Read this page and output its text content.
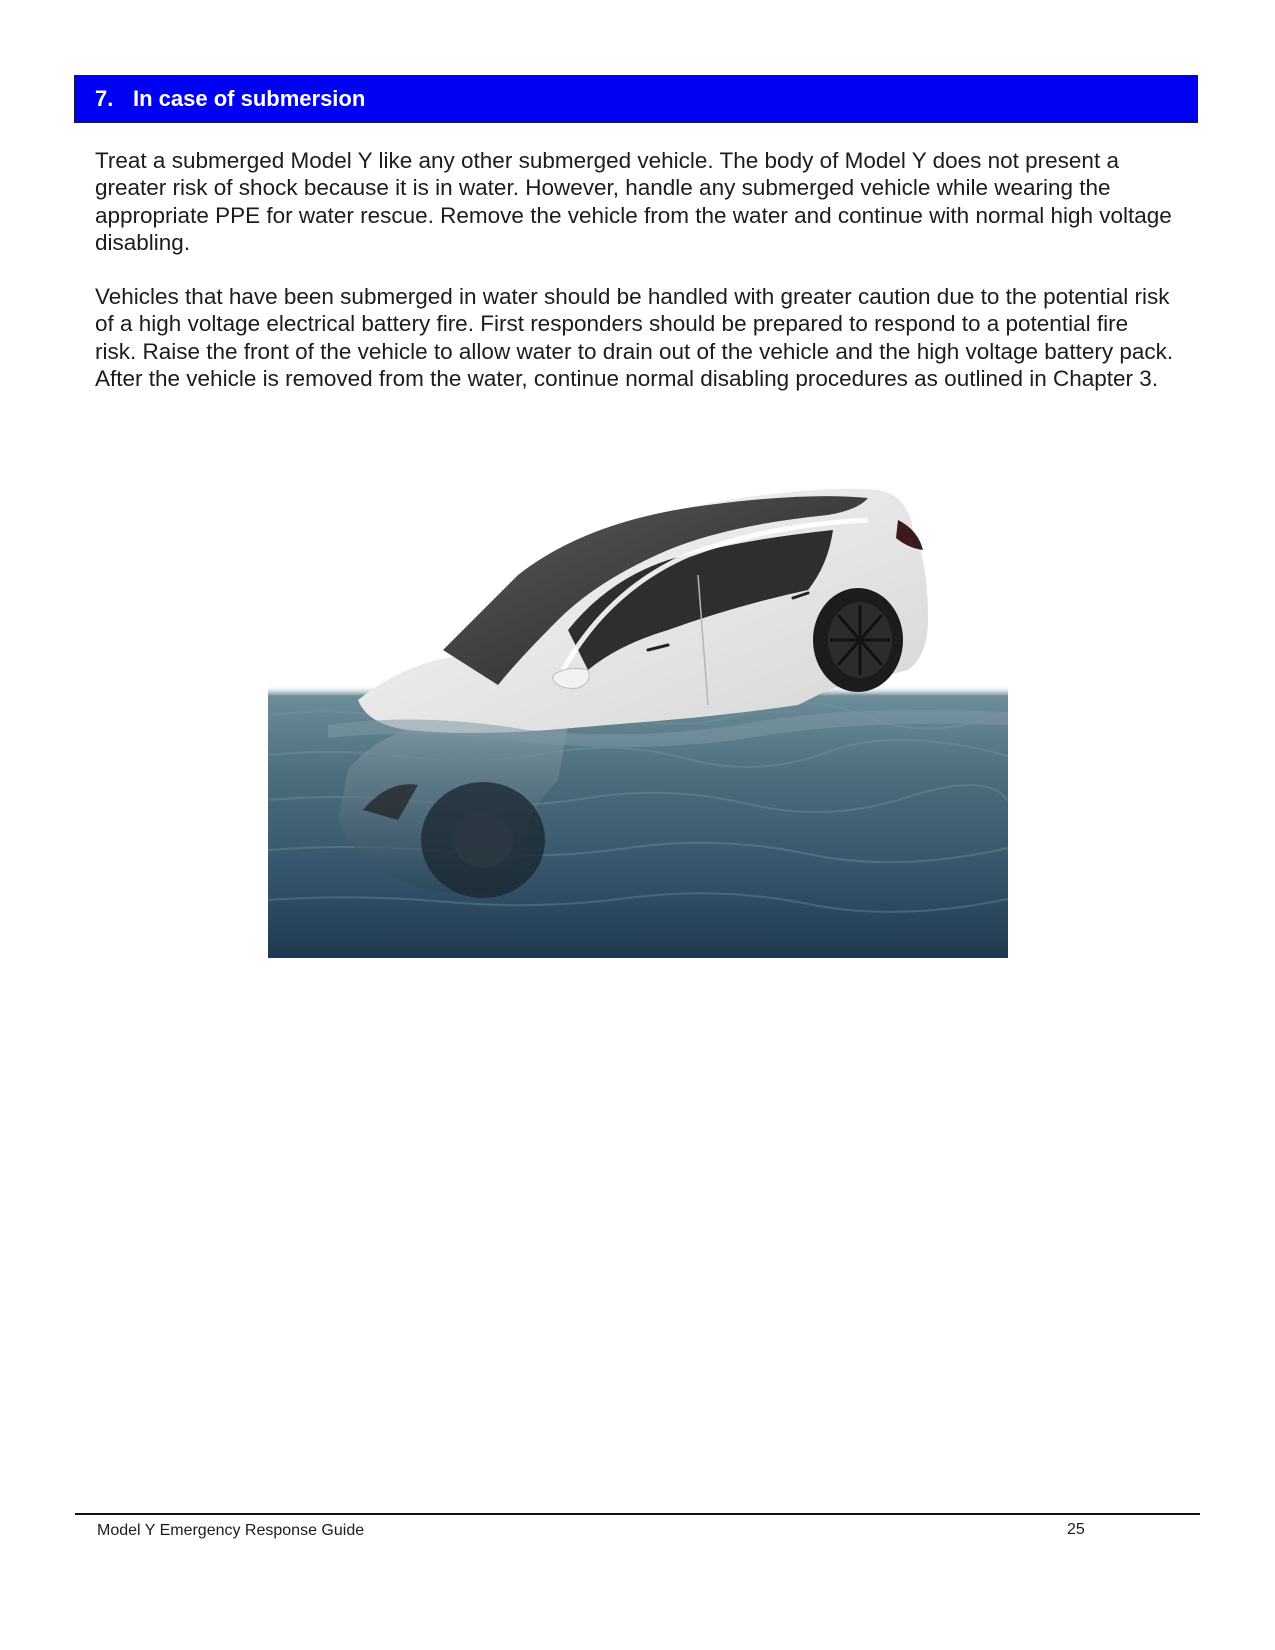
7. In case of submersion

Treat a submerged Model Y like any other submerged vehicle. The body of Model Y does not present a greater risk of shock because it is in water. However, handle any submerged vehicle while wearing the appropriate PPE for water rescue. Remove the vehicle from the water and continue with normal high voltage disabling.

Vehicles that have been submerged in water should be handled with greater caution due to the potential risk of a high voltage electrical battery fire. First responders should be prepared to respond to a potential fire risk. Raise the front of the vehicle to allow water to drain out of the vehicle and the high voltage battery pack. After the vehicle is removed from the water, continue normal disabling procedures as outlined in Chapter 3.

Model Y Emergency Response Guide	25
